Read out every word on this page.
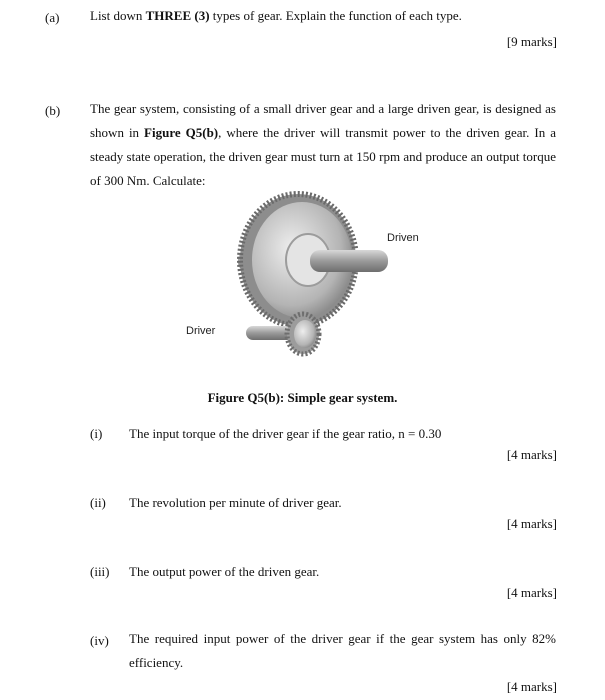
(a) List down THREE (3) types of gear. Explain the function of each type.
[9 marks]
(b) The gear system, consisting of a small driver gear and a large driven gear, is designed as shown in Figure Q5(b), where the driver will transmit power to the driven gear. In a steady state operation, the driven gear must turn at 150 rpm and produce an output torque of 300 Nm. Calculate:
Driven
Driver
Figure Q5(b): Simple gear system.
(i) The input torque of the driver gear if the gear ratio, n = 0.30
[4 marks]
(ii) The revolution per minute of driver gear.
[4 marks]
(iii) The output power of the driven gear.
[4 marks]
(iv) The required input power of the driver gear if the gear system has only 82% efficiency.
[4 marks]
